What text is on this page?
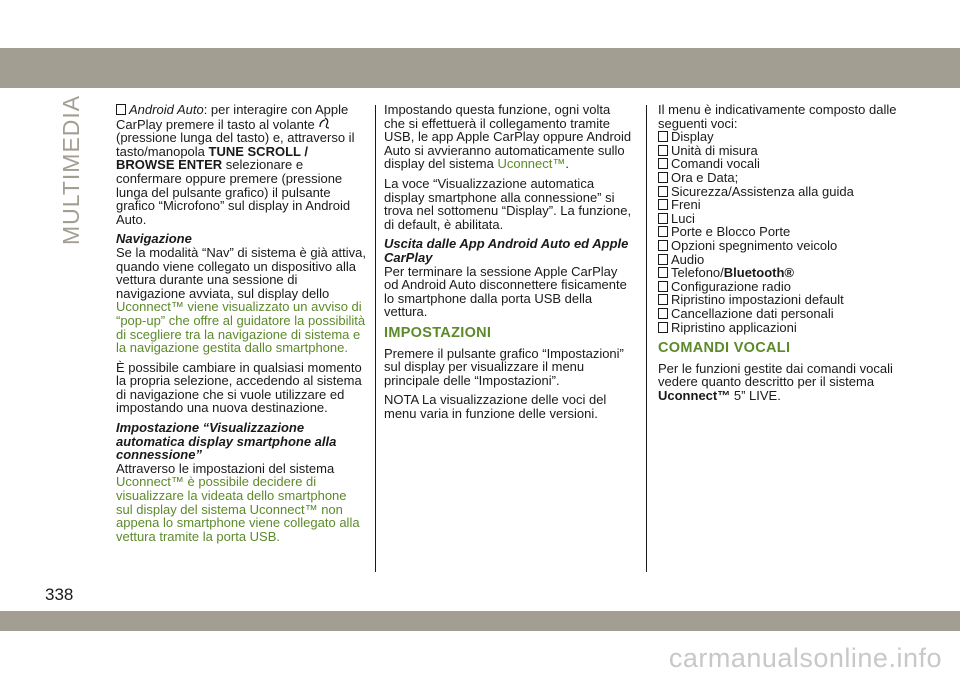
MULTIMEDIA	Android Auto: per interagire con Apple CarPlay premere il tasto al volante  (pressione lunga del tasto) e, attraverso il tasto/manopola TUNE SCROLL / BROWSE ENTER selezionare e confermare oppure premere (pressione lunga del pulsante grafico) il pulsante grafico “Microfono” sul display in Android Auto.

Navigazione

Se la modalità “Nav” di sistema è già attiva, quando viene collegato un dispositivo alla vettura durante una sessione di navigazione avviata, sul display dello Uconnect™ viene visualizzato un avviso di “pop-up” che offre al guidatore la possibilità di scegliere tra la navigazione di sistema e la navigazione gestita dallo smartphone.

È possibile cambiare in qualsiasi momento la propria selezione, accedendo al sistema di navigazione che si vuole utilizzare ed impostando una nuova destinazione.

Impostazione “Visualizzazione automatica display smartphone alla connessione”

Attraverso le impostazioni del sistema Uconnect™ è possibile decidere di visualizzare la videata dello smartphone sul display del sistema Uconnect™ non appena lo smartphone viene collegato alla vettura tramite la porta USB.

Impostando questa funzione, ogni volta che si effettuerà il collegamento tramite USB, le app Apple CarPlay oppure Android Auto si avvieranno automaticamente sullo display del sistema Uconnect™.

La voce “Visualizzazione automatica display smartphone alla connessione” si trova nel sottomenu “Display”. La funzione, di default, è abilitata.

Uscita dalle App Android Auto ed Apple CarPlay

Per terminare la sessione Apple CarPlay od Android Auto disconnettere fisicamente lo smartphone dalla porta USB della vettura.

IMPOSTAZIONI

Premere il pulsante grafico “Impostazioni” sul display per visualizzare il menu principale delle “Impostazioni”.

NOTA La visualizzazione delle voci del menu varia in funzione delle versioni.

Il menu è indicativamente composto dalle seguenti voci:

Display
Unità di misura
Comandi vocali
Ora e Data;
Sicurezza/Assistenza alla guida
Freni
Luci
Porte e Blocco Porte
Opzioni spegnimento veicolo
Audio
Telefono/Bluetooth®
Configurazione radio
Ripristino impostazioni default
Cancellazione dati personali
Ripristino applicazioni
COMANDI VOCALI

Per le funzioni gestite dai comandi vocali vedere quanto descritto per il sistema Uconnect™ 5” LIVE.

338
carmanualsonline.info
